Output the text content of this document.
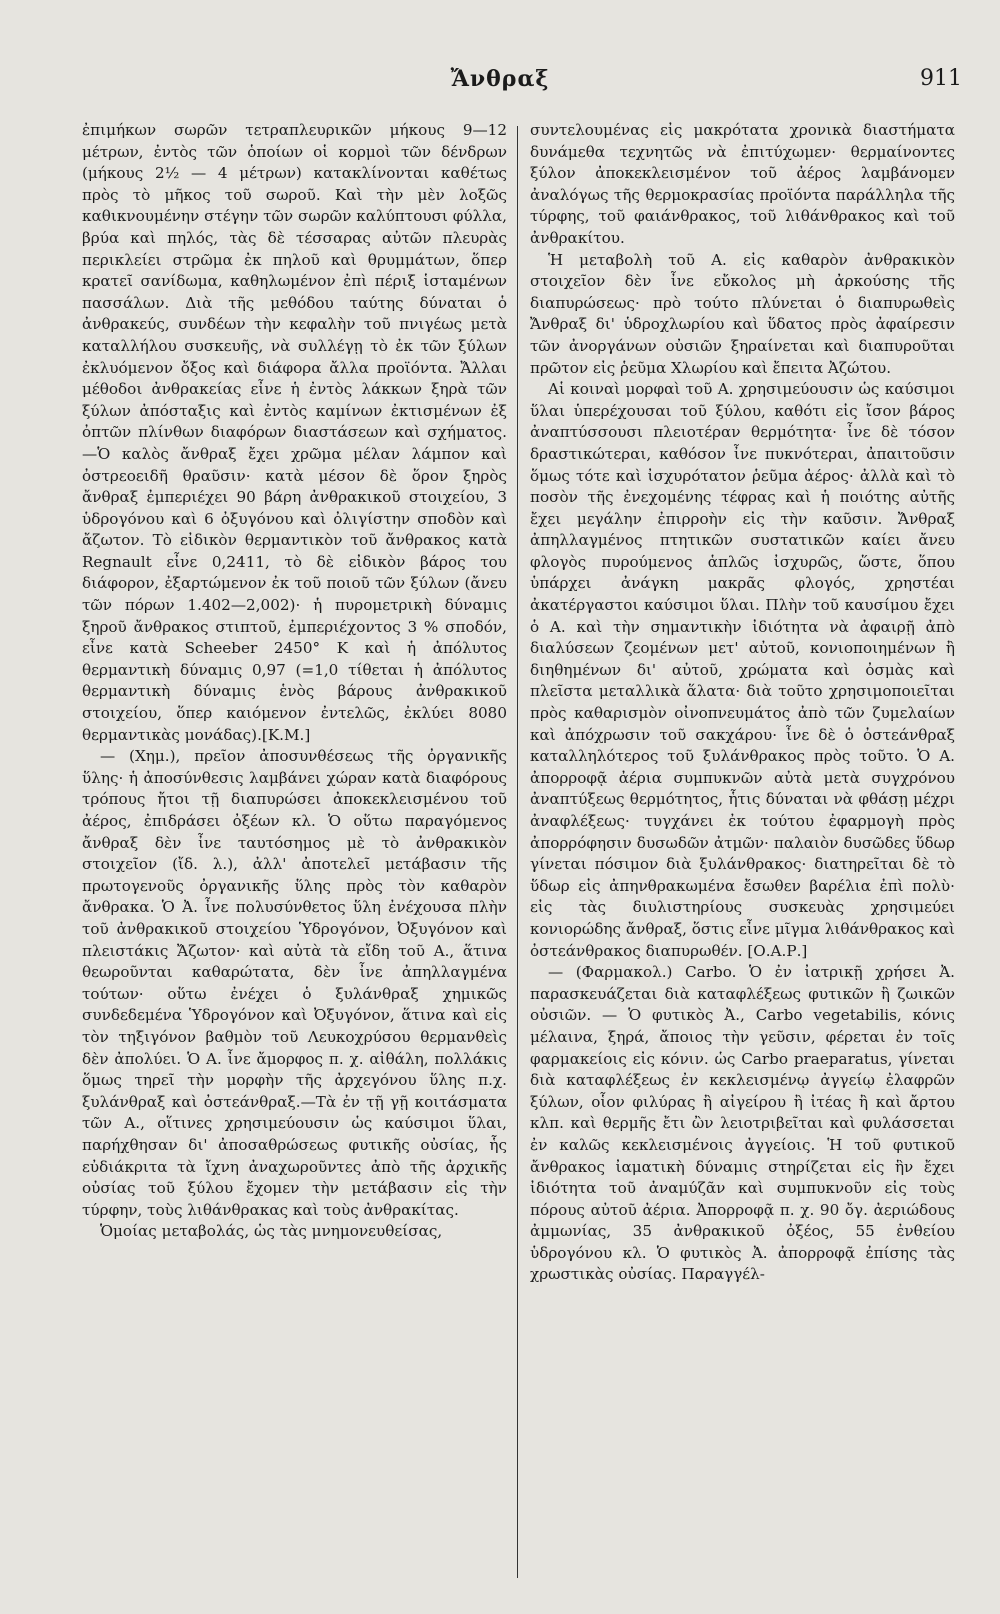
Ἄνθραξ	911

ἐπιμήκων σωρῶν τετραπλευρικῶν μήκους 9—12 μέτρων, ἐντὸς τῶν ὁποίων οἱ κορμοὶ τῶν δένδρων (μήκους 2½ — 4 μέτρων) κατακλίνονται καθέτως πρὸς τὸ μῆκος τοῦ σωροῦ. Καὶ τὴν μὲν λοξῶς καθικνουμένην στέγην τῶν σωρῶν καλύπτουσι φύλλα, βρύα καὶ πηλός, τὰς δὲ τέσσαρας αὐτῶν πλευρὰς περικλείει στρῶμα ἐκ πηλοῦ καὶ θρυμμάτων, ὅπερ κρατεῖ σανίδωμα, καθηλωμένον ἐπὶ πέριξ ἱσταμένων πασσάλων. Διὰ τῆς μεθόδου ταύτης δύναται ὁ ἀνθρακεύς, συνδέων τὴν κεφαλὴν τοῦ πνιγέως μετὰ καταλλήλου συσκευῆς, νὰ συλλέγῃ τὸ ἐκ τῶν ξύλων ἐκλυόμενον ὄξος καὶ διάφορα ἄλλα προϊόντα. Ἄλλαι μέθοδοι ἀνθρακείας εἶνε ἡ ἐντὸς λάκκων ξηρὰ τῶν ξύλων ἀπόσταξις καὶ ἐντὸς καμίνων ἐκτισμένων ἐξ ὀπτῶν πλίνθων διαφόρων διαστάσεων καὶ σχήματος.—Ὁ καλὸς ἄνθραξ ἔχει χρῶμα μέλαν λάμπον καὶ ὀστρεοειδῆ θραῦσιν· κατὰ μέσον δὲ ὅρον ξηρὸς ἄνθραξ ἐμπεριέχει 90 βάρη ἀνθρακικοῦ στοιχείου, 3 ὑδρογόνου καὶ 6 ὀξυγόνου καὶ ὀλιγίστην σποδὸν καὶ ἄζωτον. Τὸ εἰδικὸν θερμαντικὸν τοῦ ἄνθρακος κατὰ Regnault εἶνε 0,2411, τὸ δὲ εἰδικὸν βάρος του διάφορον, ἐξαρτώμενον ἐκ τοῦ ποιοῦ τῶν ξύλων (ἄνευ τῶν πόρων 1.402—2,002)· ἡ πυρομετρικὴ δύναμις ξηροῦ ἄνθρακος στιπτοῦ, ἐμπεριέχοντος 3 % σποδόν, εἶνε κατὰ Scheeber 2450° K καὶ ἡ ἀπόλυτος θερμαντικὴ δύναμις 0,97 (=1,0 τίθεται ἡ ἀπόλυτος θερμαντικὴ δύναμις ἑνὸς βάρους ἀνθρακικοῦ στοιχείου, ὅπερ καιόμενον ἐντελῶς, ἐκλύει 8080 θερμαντικὰς μονάδας).[Κ.Μ.]

— (Χημ.), πρεῖον ἀποσυνθέσεως τῆς ὀργανικῆς ὕλης· ἡ ἀποσύνθεσις λαμβάνει χώραν κατὰ διαφόρους τρόπους ἤτοι τῇ διαπυρώσει ἀποκεκλεισμένου τοῦ ἀέρος, ἐπιδράσει ὀξέων κλ. Ὁ οὕτω παραγόμενος ἄνθραξ δὲν ἶνε ταυτόσημος μὲ τὸ ἀνθρακικὸν στοιχεῖον (ἴδ. λ.), ἀλλ' ἀποτελεῖ μετάβασιν τῆς πρωτογενοῦς ὀργανικῆς ὕλης πρὸς τὸν καθαρὸν ἄνθρακα. Ὁ Ἀ. ἶνε πολυσύνθετος ὕλη ἐνέχουσα πλὴν τοῦ ἀνθρακικοῦ στοιχείου Ὑδρογόνον, Ὀξυγόνον καὶ πλειστάκις Ἄζωτον· καὶ αὐτὰ τὰ εἴδη τοῦ Α., ἅτινα θεωροῦνται καθαρώτατα, δὲν ἶνε ἀπηλλαγμένα τούτων· οὕτω ἐνέχει ὁ ξυλάνθραξ χημικῶς συνδεδεμένα Ὑδρογόνον καὶ Ὀξυγόνον, ἅτινα καὶ εἰς τὸν τηξιγόνον βαθμὸν τοῦ Λευκοχρύσου θερμανθεὶς δὲν ἀπολύει. Ὁ Α. ἶνε ἄμορφος π. χ. αἰθάλη, πολλάκις ὅμως τηρεῖ τὴν μορφὴν τῆς ἀρχεγόνου ὕλης π.χ. ξυλάνθραξ καὶ ὀστεάνθραξ.—Τὰ ἐν τῇ γῇ κοιτάσματα τῶν Α., οἵτινες χρησιμεύουσιν ὡς καύσιμοι ὕλαι, παρήχθησαν δι' ἀποσαθρώσεως φυτικῆς οὐσίας, ἧς εὐδιάκριτα τὰ ἴχνη ἀναχωροῦντες ἀπὸ τῆς ἀρχικῆς οὐσίας τοῦ ξύλου ἔχομεν τὴν μετάβασιν εἰς τὴν τύρφην, τοὺς λιθάνθρακας καὶ τοὺς ἀνθρακίτας.

Ὁμοίας μεταβολάς, ὡς τὰς μνημονευθείσας,

συντελουμένας εἰς μακρότατα χρονικὰ διαστήματα δυνάμεθα τεχνητῶς νὰ ἐπιτύχωμεν· θερμαίνοντες ξύλον ἀποκεκλεισμένον τοῦ ἀέρος λαμβάνομεν ἀναλόγως τῆς θερμοκρασίας προϊόντα παράλληλα τῆς τύρφης, τοῦ φαιάνθρακος, τοῦ λιθάνθρακος καὶ τοῦ ἀνθρακίτου.

Ἡ μεταβολὴ τοῦ Α. εἰς καθαρὸν ἀνθρακικὸν στοιχεῖον δὲν ἶνε εὔκολος μὴ ἀρκούσης τῆς διαπυρώσεως· πρὸ τούτο πλύνεται ὁ διαπυρωθεὶς Ἄνθραξ δι' ὑδροχλωρίου καὶ ὕδατος πρὸς ἀφαίρεσιν τῶν ἀνοργάνων οὐσιῶν ξηραίνεται καὶ διαπυροῦται πρῶτον εἰς ῥεῦμα Χλωρίου καὶ ἔπειτα Ἀζώτου.

Αἱ κοιναὶ μορφαὶ τοῦ Α. χρησιμεύουσιν ὡς καύσιμοι ὕλαι ὑπερέχουσαι τοῦ ξύλου, καθότι εἰς ἴσον βάρος ἀναπτύσσουσι πλειοτέραν θερμότητα· ἶνε δὲ τόσον δραστικώτεραι, καθόσον ἶνε πυκνότεραι, ἀπαιτοῦσιν ὅμως τότε καὶ ἰσχυρότατον ῥεῦμα ἀέρος· ἀλλὰ καὶ τὸ ποσὸν τῆς ἐνεχομένης τέφρας καὶ ἡ ποιότης αὐτῆς ἔχει μεγάλην ἐπιρροὴν εἰς τὴν καῦσιν. Ἄνθραξ ἀπηλλαγμένος πτητικῶν συστατικῶν καίει ἄνευ φλογὸς πυρούμενος ἁπλῶς ἰσχυρῶς, ὥστε, ὅπου ὑπάρχει ἀνάγκη μακρᾶς φλογός, χρηστέαι ἀκατέργαστοι καύσιμοι ὕλαι. Πλὴν τοῦ καυσίμου ἔχει ὁ Α. καὶ τὴν σημαντικὴν ἰδιότητα νὰ ἀφαιρῇ ἀπὸ διαλύσεων ζεομένων μετ' αὐτοῦ, κονιοποιημένων ἢ διηθημένων δι' αὐτοῦ, χρώματα καὶ ὀσμὰς καὶ πλεῖστα μεταλλικὰ ἅλατα· διὰ τοῦτο χρησιμοποιεῖται πρὸς καθαρισμὸν οἰνοπνευμάτος ἀπὸ τῶν ζυμελαίων καὶ ἀπόχρωσιν τοῦ σακχάρου· ἶνε δὲ ὁ ὀστεάνθραξ καταλληλότερος τοῦ ξυλάνθρακος πρὸς τοῦτο. Ὁ Α. ἀπορροφᾷ ἀέρια συμπυκνῶν αὐτὰ μετὰ συγχρόνου ἀναπτύξεως θερμότητος, ἧτις δύναται νὰ φθάσῃ μέχρι ἀναφλέξεως· τυγχάνει ἐκ τούτου ἐφαρμογὴ πρὸς ἀπορρόφησιν δυσωδῶν ἀτμῶν· παλαιὸν δυσῶδες ὕδωρ γίνεται πόσιμον διὰ ξυλάνθρακος· διατηρεῖται δὲ τὸ ὕδωρ εἰς ἀπηνθρακωμένα ἔσωθεν βαρέλια ἐπὶ πολὺ· εἰς τὰς διυλιστηρίους συσκευὰς χρησιμεύει κονιορώδης ἄνθραξ, ὅστις εἶνε μῖγμα λιθάνθρακος καὶ ὀστεάνθρακος διαπυρωθέν. [Ο.Α.Ρ.]

— (Φαρμακολ.) Carbo. Ὁ ἐν ἰατρικῇ χρήσει Ἀ. παρασκευάζεται διὰ καταφλέξεως φυτικῶν ἢ ζωικῶν οὐσιῶν. — Ὁ φυτικὸς Ἀ., Carbo vegetabilis, κόνις μέλαινα, ξηρά, ἄποιος τὴν γεῦσιν, φέρεται ἐν τοῖς φαρμακείοις εἰς κόνιν. ὡς Carbo praeparatus, γίνεται διὰ καταφλέξεως ἐν κεκλεισμένῳ ἀγγείῳ ἐλαφρῶν ξύλων, οἷον φιλύρας ἢ αἰγείρου ἢ ἰτέας ἢ καὶ ἄρτου κλπ. καὶ θερμῆς ἔτι ὢν λειοτριβεῖται καὶ φυλάσσεται ἐν καλῶς κεκλεισμένοις ἀγγείοις. Ἡ τοῦ φυτικοῦ ἄνθρακος ἰαματικὴ δύναμις στηρίζεται εἰς ἣν ἔχει ἰδιότητα τοῦ ἀναμύζᾶν καὶ συμπυκνοῦν εἰς τοὺς πόρους αὐτοῦ ἀέρια. Ἀπορροφᾷ π. χ. 90 ὄγ. ἀεριώδους ἀμμωνίας, 35 ἀνθρακικοῦ ὀξέος, 55 ἐνθείου ὑδρογόνου κλ. Ὁ φυτικὸς Ἀ. ἀπορροφᾷ ἐπίσης τὰς χρωστικὰς οὐσίας. Παραγγέλ-
